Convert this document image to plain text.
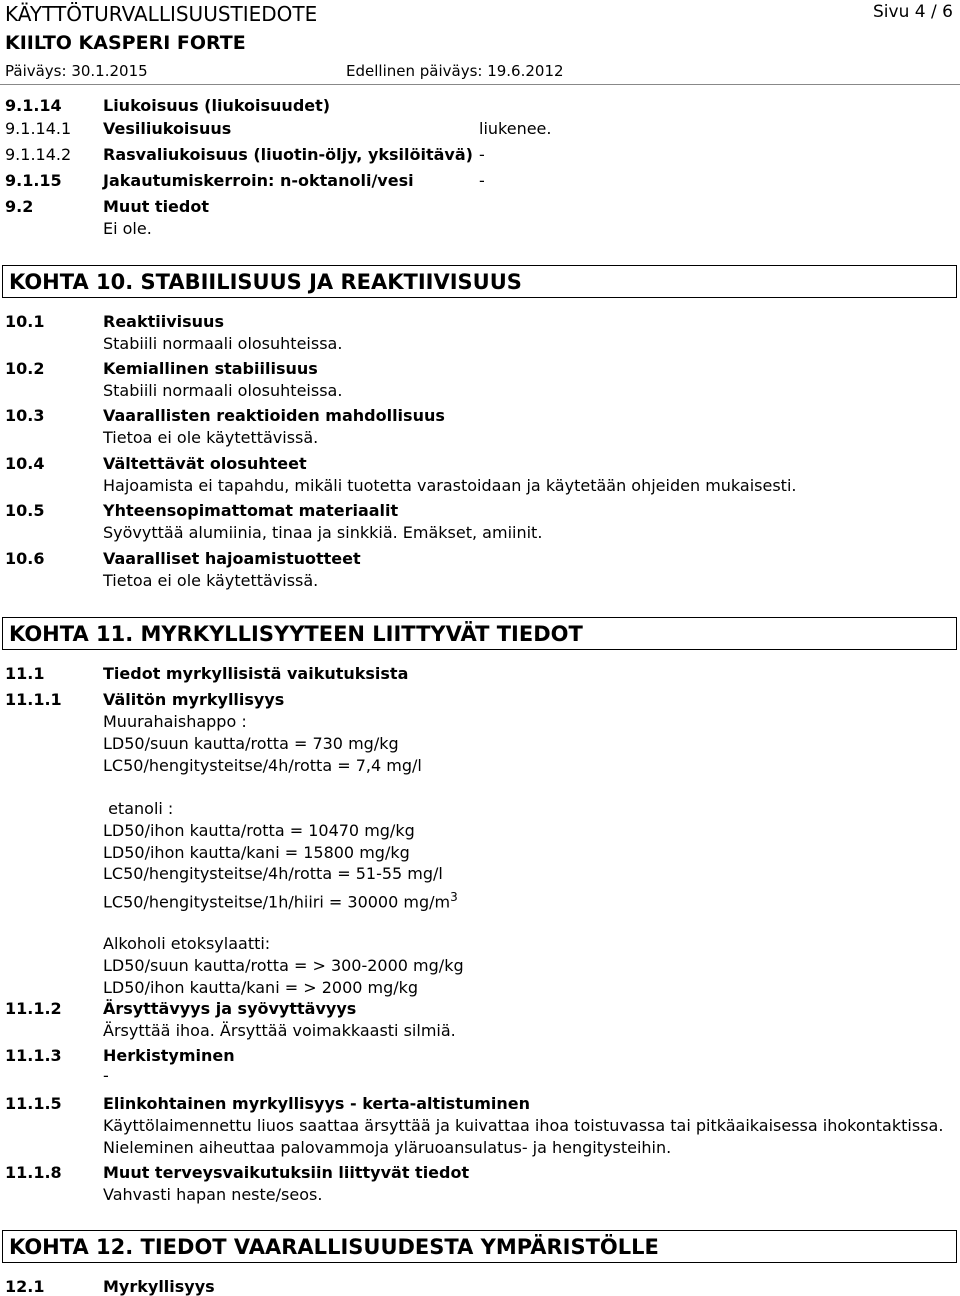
KÄYTTÖTURVALLISUUSTIEDOTE
KIILTO KASPERI FORTE
Päiväys: 30.1.2015	Edellinen päiväys: 19.6.2012
Sivu 4 / 6
9.1.14	Liukoisuus (liukoisuudet)
9.1.14.1 Vesiliukoisuus	liukenee.
9.1.14.2 Rasvaliukoisuus (liuotin-öljy, yksilöitävä) -
9.1.15	Jakautumiskerroin: n-oktanoli/vesi	-
9.2	Muut tiedot
Ei ole.
KOHTA 10. STABIILISUUS JA REAKTIIVISUUS
10.1	Reaktiivisuus
Stabiili normaali olosuhteissa.
10.2	Kemiallinen stabiilisuus
Stabiili normaali olosuhteissa.
10.3	Vaarallisten reaktioiden mahdollisuus
Tietoa ei ole käytettävissä.
10.4	Vältettävät olosuhteet
Hajoamista ei tapahdu, mikäli tuotetta varastoidaan ja käytetään ohjeiden mukaisesti.
10.5	Yhteensopimattomat materiaalit
Syövyttää alumiinia, tinaa ja sinkkiä. Emäkset, amiinit.
10.6	Vaaralliset hajoamistuotteet
Tietoa ei ole käytettävissä.
KOHTA 11. MYRKYLLISYYTEEN LIITTYVÄT TIEDOT
11.1	Tiedot myrkyllisistä vaikutuksista
11.1.1	Välitön myrkyllisyys
Muurahaishappo :
LD50/suun kautta/rotta = 730 mg/kg
LC50/hengitysteitse/4h/rotta = 7,4 mg/l
etanoli :
LD50/ihon kautta/rotta = 10470 mg/kg
LD50/ihon kautta/kani = 15800 mg/kg
LC50/hengitysteitse/4h/rotta = 51-55 mg/l
LC50/hengitysteitse/1h/hiiri = 30000 $mg/m^3$
Alkoholi etoksylaatti:
LD50/suun kautta/rotta = > 300-2000 mg/kg
LD50/ihon kautta/kani = > 2000 mg/kg
11.1.2	Ärsyttävyys ja syövyttävyys
Ärsyttää ihoa. Ärsyttää voimakkaasti silmiä.
11.1.3	Herkistyminen
-
11.1.5	Elinkohtainen myrkyllisyys - kerta-altistuminen
Käyttölaimennettu liuos saattaa ärsyttää ja kuivattaa ihoa toistuvassa tai pitkäaikaisessa ihokontaktissa.
Nieleminen aiheuttaa palovammoja yläruoansulatus- ja hengitysteihin.
11.1.8	Muut terveysvaikutuksiin liittyvät tiedot
Vahvasti hapan neste/seos.
KOHTA 12. TIEDOT VAARALLISUUDESTA YMPÄRISTÖLLE
12.1	Myrkyllisyys
